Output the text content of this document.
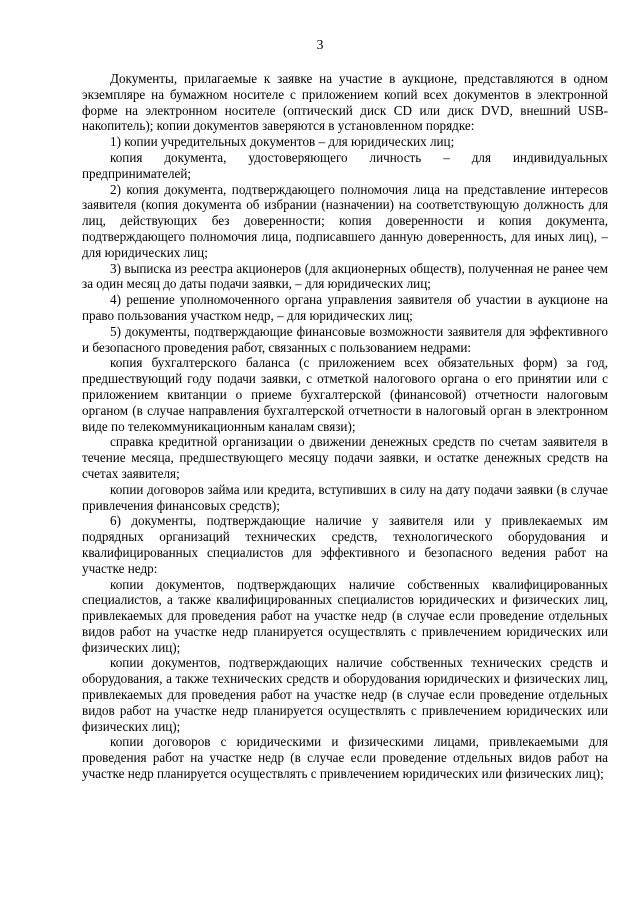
3

Документы, прилагаемые к заявке на участие в аукционе, представляются в одном экземпляре на бумажном носителе с приложением копий всех документов в электронной форме на электронном носителе (оптический диск CD или диск DVD, внешний USB-накопитель); копии документов заверяются в установленном порядке:

1) копии учредительных документов – для юридических лиц;

копия документа, удостоверяющего личность – для индивидуальных предпринимателей;

2) копия документа, подтверждающего полномочия лица на представление интересов заявителя (копия документа об избрании (назначении) на соответствующую должность для лиц, действующих без доверенности; копия доверенности и копия документа, подтверждающего полномочия лица, подписавшего данную доверенность, для иных лиц), – для юридических лиц;

3) выписка из реестра акционеров (для акционерных обществ), полученная не ранее чем за один месяц до даты подачи заявки, – для юридических лиц;

4) решение уполномоченного органа управления заявителя об участии в аукционе на право пользования участком недр, – для юридических лиц;

5) документы, подтверждающие финансовые возможности заявителя для эффективного и безопасного проведения работ, связанных с пользованием недрами:

копия бухгалтерского баланса (с приложением всех обязательных форм) за год, предшествующий году подачи заявки, с отметкой налогового органа о его принятии или с приложением квитанции о приеме бухгалтерской (финансовой) отчетности налоговым органом (в случае направления бухгалтерской отчетности в налоговый орган в электронном виде по телекоммуникационным каналам связи);

справка кредитной организации о движении денежных средств по счетам заявителя в течение месяца, предшествующего месяцу подачи заявки, и остатке денежных средств на счетах заявителя;

копии договоров займа или кредита, вступивших в силу на дату подачи заявки (в случае привлечения финансовых средств);

6) документы, подтверждающие наличие у заявителя или у привлекаемых им подрядных организаций технических средств, технологического оборудования и квалифицированных специалистов для эффективного и безопасного ведения работ на участке недр:

копии документов, подтверждающих наличие собственных квалифицированных специалистов, а также квалифицированных специалистов юридических и физических лиц, привлекаемых для проведения работ на участке недр (в случае если проведение отдельных видов работ на участке недр планируется осуществлять с привлечением юридических или физических лиц);

копии документов, подтверждающих наличие собственных технических средств и оборудования, а также технических средств и оборудования юридических и физических лиц, привлекаемых для проведения работ на участке недр (в случае если проведение отдельных видов работ на участке недр планируется осуществлять с привлечением юридических или физических лиц);

копии договоров с юридическими и физическими лицами, привлекаемыми для проведения работ на участке недр (в случае если проведение отдельных видов работ на участке недр планируется осуществлять с привлечением юридических или физических лиц);
